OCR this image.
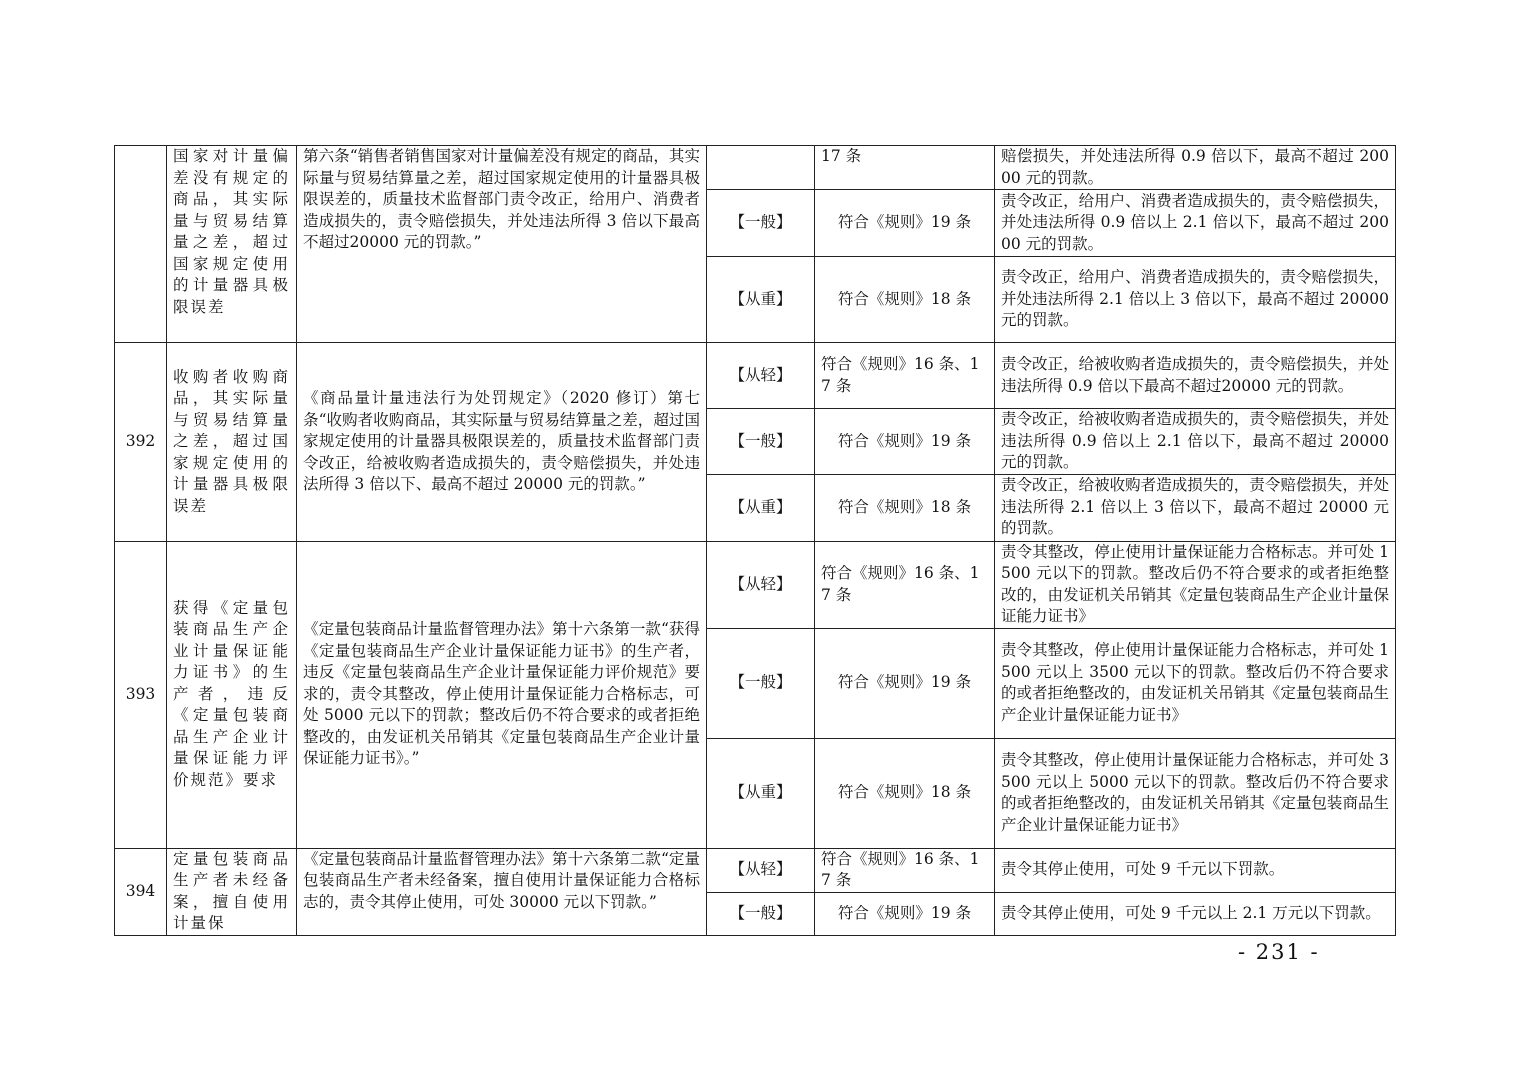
	国家对计量偏差没有规定的商品，其实际量与贸易结算量之差，超过国家规定使用的计量器具极限误差	第六条“销售者销售国家对计量偏差没有规定的商品，其实际量与贸易结算量之差，超过国家规定使用的计量器具极限误差的，质量技术监督部门责令改正，给用户、消费者造成损失的，责令赔偿损失，并处违法所得 3 倍以下最高不超过20000 元的罚款。”		17 条	赔偿损失，并处违法所得 0.9 倍以下，最高不超过 20000 元的罚款。
			【一般】	符合《规则》19 条	责令改正，给用户、消费者造成损失的，责令赔偿损失，并处违法所得 0.9 倍以上 2.1 倍以下，最高不超过 20000 元的罚款。
			【从重】	符合《规则》18 条	责令改正，给用户、消费者造成损失的，责令赔偿损失，并处违法所得 2.1 倍以上 3 倍以下，最高不超过 20000 元的罚款。
392	收购者收购商品，其实际量与贸易结算量之差，超过国家规定使用的计量器具极限误差	《商品量计量违法行为处罚规定》（2020 修订）第七条“收购者收购商品，其实际量与贸易结算量之差，超过国家规定使用的计量器具极限误差的，质量技术监督部门责令改正，给被收购者造成损失的，责令赔偿损失，并处违法所得 3 倍以下、最高不超过 20000 元的罚款。”	【从轻】	符合《规则》16 条、17 条	责令改正，给被收购者造成损失的，责令赔偿损失，并处违法所得 0.9 倍以下最高不超过20000 元的罚款。
			【一般】	符合《规则》19 条	责令改正，给被收购者造成损失的，责令赔偿损失，并处违法所得 0.9 倍以上 2.1 倍以下，最高不超过 20000 元的罚款。
			【从重】	符合《规则》18 条	责令改正，给被收购者造成损失的，责令赔偿损失，并处违法所得 2.1 倍以上 3 倍以下，最高不超过 20000 元的罚款。
393	获得《定量包装商品生产企业计量保证能力证书》的生产者，违反《定量包装商品生产企业计量保证能力评价规范》要求	《定量包装商品计量监督管理办法》第十六条第一款“获得《定量包装商品生产企业计量保证能力证书》的生产者，违反《定量包装商品生产企业计量保证能力评价规范》要求的，责令其整改，停止使用计量保证能力合格标志，可处 5000 元以下的罚款；整改后仍不符合要求的或者拒绝整改的，由发证机关吊销其《定量包装商品生产企业计量保证能力证书》。”	【从轻】	符合《规则》16 条、17 条	责令其整改，停止使用计量保证能力合格标志。并可处 1500 元以下的罚款。整改后仍不符合要求的或者拒绝整改的，由发证机关吊销其《定量包装商品生产企业计量保证能力证书》
			【一般】	符合《规则》19 条	责令其整改，停止使用计量保证能力合格标志，并可处 1500 元以上 3500 元以下的罚款。整改后仍不符合要求的或者拒绝整改的，由发证机关吊销其《定量包装商品生产企业计量保证能力证书》
			【从重】	符合《规则》18 条	责令其整改，停止使用计量保证能力合格标志，并可处 3500 元以上 5000 元以下的罚款。整改后仍不符合要求的或者拒绝整改的，由发证机关吊销其《定量包装商品生产企业计量保证能力证书》
394	定量包装商品生产者未经备案，擅自使用计量保	《定量包装商品计量监督管理办法》第十六条第二款“定量包装商品生产者未经备案，擅自使用计量保证能力合格标志的，责令其停止使用，可处 30000 元以下罚款。”	【从轻】	符合《规则》16 条、17 条	责令其停止使用，可处 9 千元以下罚款。
			【一般】	符合《规则》19 条	责令其停止使用，可处 9 千元以上 2.1 万元以下罚款。
- 231 -
